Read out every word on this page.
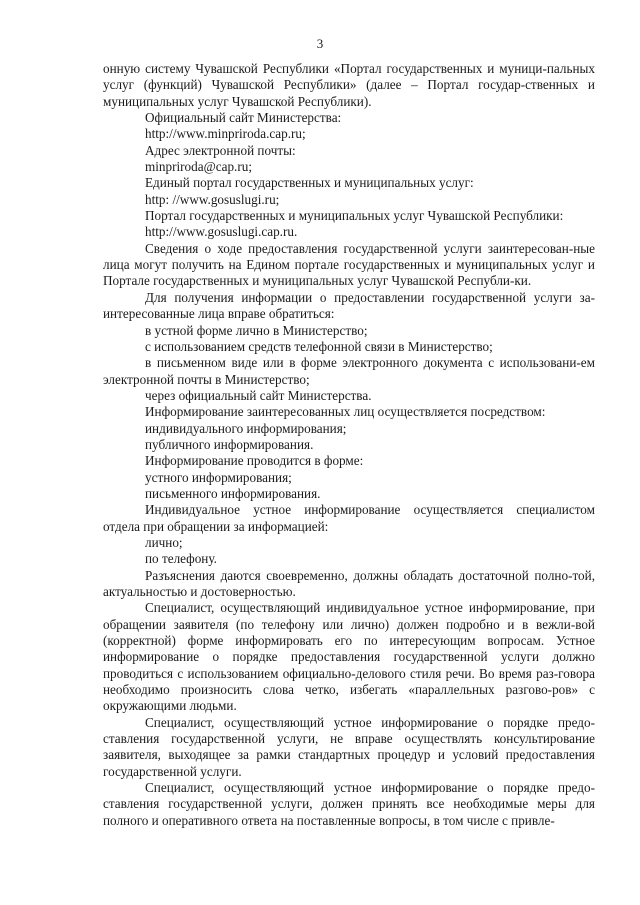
3

онную систему Чувашской Республики «Портал государственных и муници-пальных услуг (функций) Чувашской Республики» (далее – Портал государ-ственных и муниципальных услуг Чувашской Республики).

Официальный сайт Министерства:

http://www.minpriroda.cap.ru;

Адрес электронной почты:

minpriroda@cap.ru;

Единый портал государственных и муниципальных услуг:

http: //www.gosuslugi.ru;

Портал государственных и муниципальных услуг Чувашской Республики:

http://www.gosuslugi.cap.ru.

Сведения о ходе предоставления государственной услуги заинтересован-ные лица могут получить на Едином портале государственных и муниципальных услуг и Портале государственных и муниципальных услуг Чувашской Республи-ки.

Для получения информации о предоставлении государственной услуги за-интересованные лица вправе обратиться:

в устной форме лично в Министерство;

с использованием средств телефонной связи в Министерство;

в письменном виде или в форме электронного документа с использовани-ем электронной почты в Министерство;

через официальный сайт Министерства.

Информирование заинтересованных лиц осуществляется посредством:

индивидуального информирования;

публичного информирования.

Информирование проводится в форме:

устного информирования;

письменного информирования.

Индивидуальное устное информирование осуществляется специалистом отдела при обращении за информацией:

лично;

по телефону.

Разъяснения даются своевременно, должны обладать достаточной полно-той, актуальностью и достоверностью.

Специалист, осуществляющий индивидуальное устное информирование, при обращении заявителя (по телефону или лично) должен подробно и в вежли-вой (корректной) форме информировать его по интересующим вопросам. Устное информирование о порядке предоставления государственной услуги должно проводиться с использованием официально-делового стиля речи. Во время раз-говора необходимо произносить слова четко, избегать «параллельных разгово-ров» с окружающими людьми.

Специалист, осуществляющий устное информирование о порядке предо-ставления государственной услуги, не вправе осуществлять консультирование заявителя, выходящее за рамки стандартных процедур и условий предоставления государственной услуги.

Специалист, осуществляющий устное информирование о порядке предо-ставления государственной услуги, должен принять все необходимые меры для полного и оперативного ответа на поставленные вопросы, в том числе с привле-
